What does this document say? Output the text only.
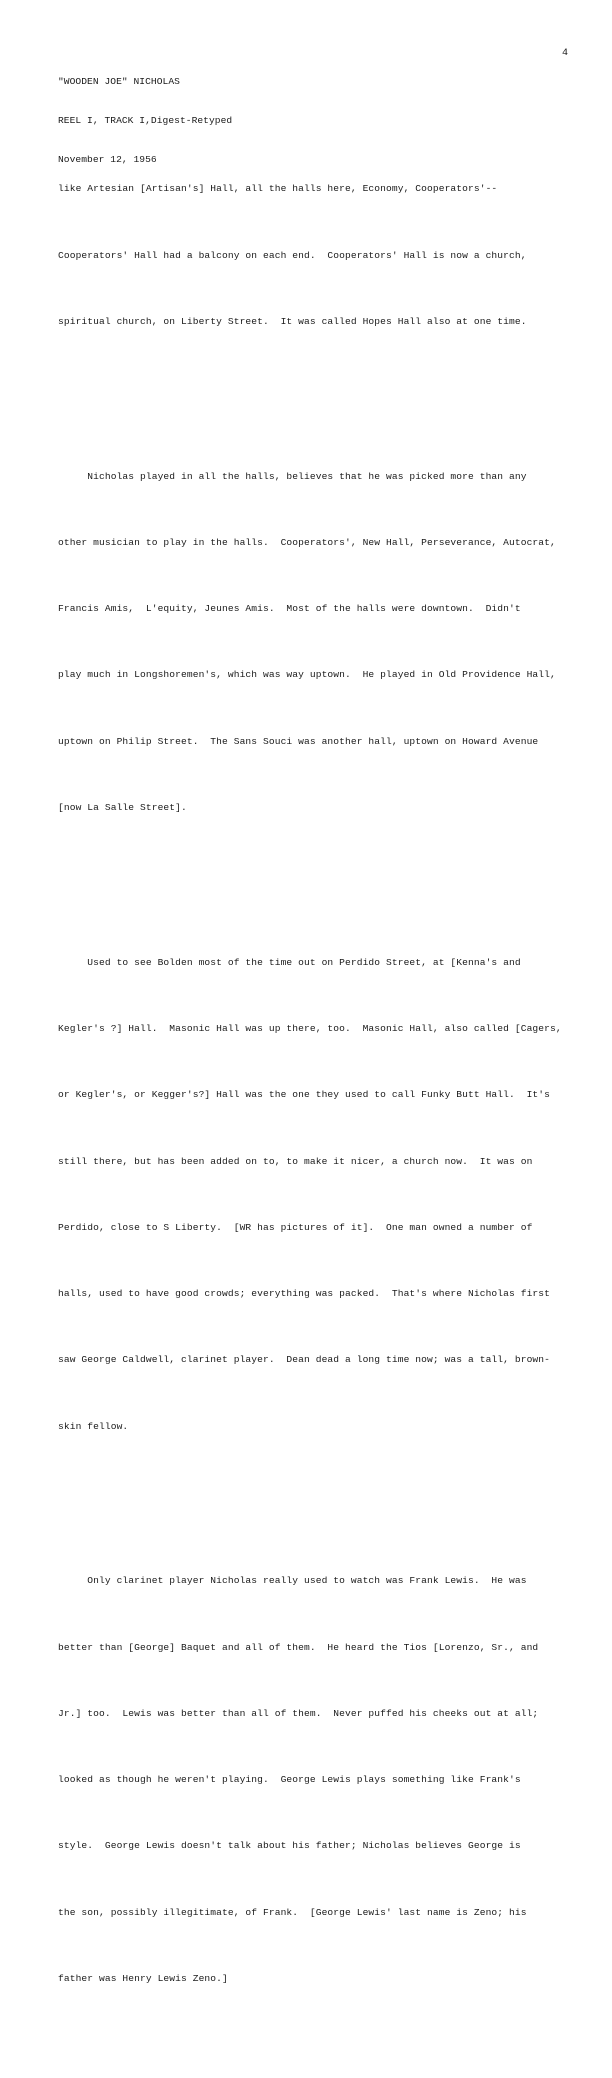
4

"WOODEN JOE" NICHOLAS

REEL I, TRACK I,Digest-Retyped

November 12, 1956

like Artesian [Artisan's] Hall, all the halls here, Economy, Cooperators'--

Cooperators' Hall had a balcony on each end.  Cooperators' Hall is now a church,

spiritual church, on Liberty Street.  It was called Hopes Hall also at one time.

Nicholas played in all the halls, believes that he was picked more than any

other musician to play in the halls.  Cooperators', New Hall, Perseverance, Autocrat,

Francis Amis,  L'equity, Jeunes Amis.  Most of the halls were downtown.  Didn't

play much in Longshoremen's, which was way uptown.  He played in Old Providence Hall,

uptown on Philip Street.  The Sans Souci was another hall, uptown on Howard Avenue

[now La Salle Street].

Used to see Bolden most of the time out on Perdido Street, at [Kenna's and

Kegler's ?] Hall.  Masonic Hall was up there, too.  Masonic Hall, also called [Cagers,

or Kegler's, or Kegger's?] Hall was the one they used to call Funky Butt Hall.  It's

still there, but has been added on to, to make it nicer, a church now.  It was on

Perdido, close to S Liberty.  [WR has pictures of it].  One man owned a number of

halls, used to have good crowds; everything was packed.  That's where Nicholas first

saw George Caldwell, clarinet player.  Dean dead a long time now; was a tall, brown-

skin fellow.

Only clarinet player Nicholas really used to watch was Frank Lewis.  He was

better than [George] Baquet and all of them.  He heard the Tios [Lorenzo, Sr., and

Jr.] too.  Lewis was better than all of them.  Never puffed his cheeks out at all;

looked as though he weren't playing.  George Lewis plays something like Frank's

style.  George Lewis doesn't talk about his father; Nicholas believes George is

the son, possibly illegitimate, of Frank.  [George Lewis' last name is Zeno; his

father was Henry Lewis Zeno.]
